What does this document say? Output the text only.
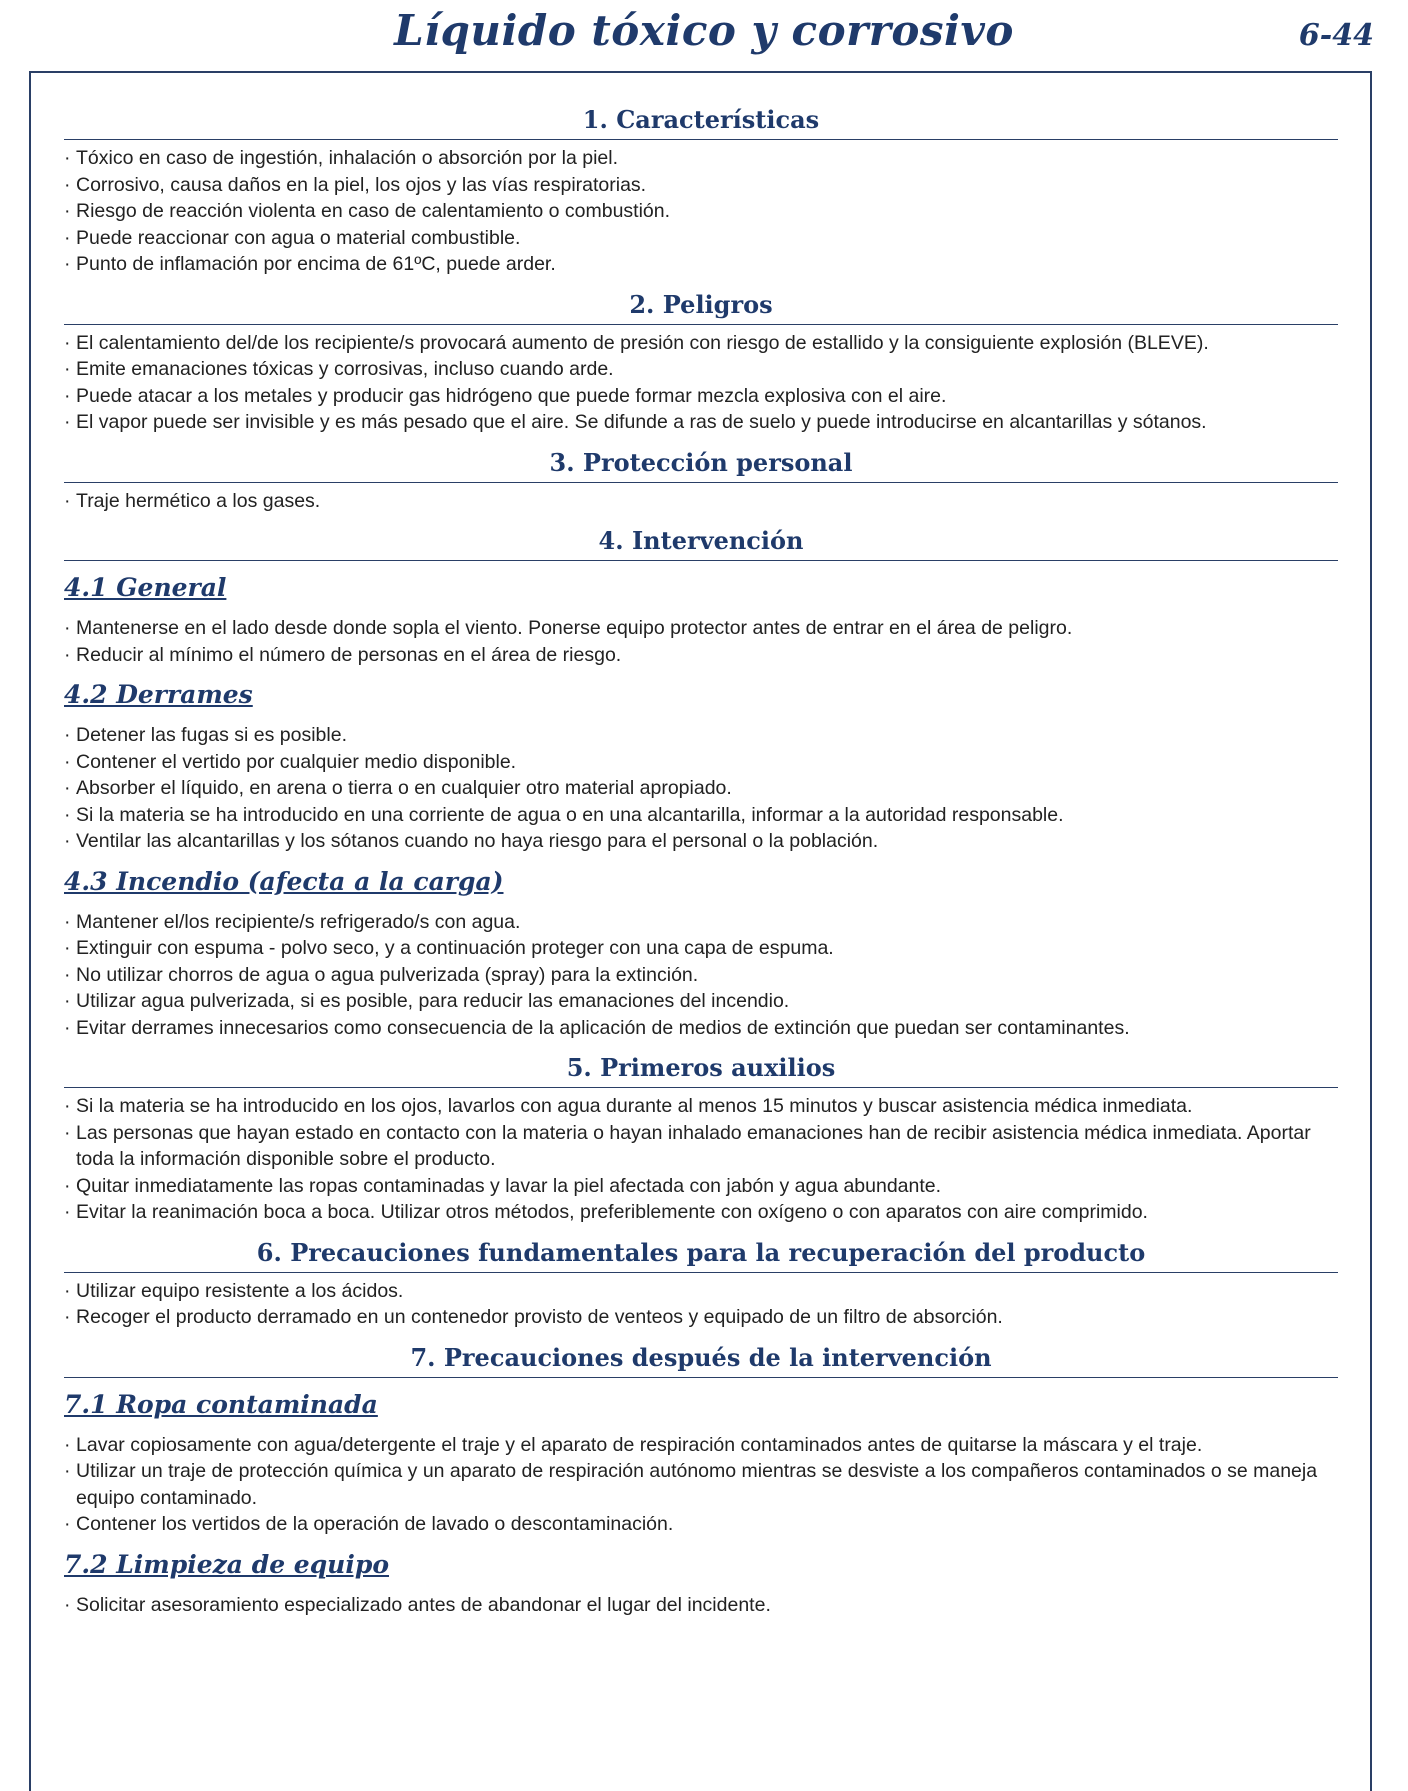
Líquido tóxico y corrosivo	6-44
1. Características
· Tóxico en caso de ingestión, inhalación o absorción por la piel.
· Corrosivo, causa daños en la piel, los ojos y las vías respiratorias.
· Riesgo de reacción violenta en caso de calentamiento o combustión.
· Puede reaccionar con agua o material combustible.
· Punto de inflamación por encima de 61ºC, puede arder.
2. Peligros
· El calentamiento del/de los recipiente/s provocará aumento de presión con riesgo de estallido y la consiguiente explosión (BLEVE).
· Emite emanaciones tóxicas y corrosivas, incluso cuando arde.
· Puede atacar a los metales y producir gas hidrógeno que puede formar mezcla explosiva con el aire.
· El vapor puede ser invisible y es más pesado que el aire. Se difunde a ras de suelo y puede introducirse en alcantarillas y sótanos.
3. Protección personal
· Traje hermético a los gases.
4. Intervención
4.1 General
· Mantenerse en el lado desde donde sopla el viento. Ponerse equipo protector antes de entrar en el área de peligro.
· Reducir al mínimo el número de personas en el área de riesgo.
4.2 Derrames
· Detener las fugas si es posible.
· Contener el vertido por cualquier medio disponible.
· Absorber el líquido, en arena o tierra o en cualquier otro material apropiado.
· Si la materia se ha introducido en una corriente de agua o en una alcantarilla, informar a la autoridad responsable.
· Ventilar las alcantarillas y los sótanos cuando no haya riesgo para el personal o la población.
4.3 Incendio (afecta a la carga)
· Mantener el/los recipiente/s refrigerado/s con agua.
· Extinguir con espuma - polvo seco, y a continuación proteger con una capa de espuma.
· No utilizar chorros de agua o agua pulverizada (spray) para la extinción.
· Utilizar agua pulverizada, si es posible, para reducir las emanaciones del incendio.
· Evitar derrames innecesarios como consecuencia de la aplicación de medios de extinción que puedan ser contaminantes.
5. Primeros auxilios
· Si la materia se ha introducido en los ojos, lavarlos con agua durante al menos 15 minutos y buscar asistencia médica inmediata.
· Las personas que hayan estado en contacto con la materia o hayan inhalado emanaciones han de recibir asistencia médica inmediata. Aportar toda la información disponible sobre el producto.
· Quitar inmediatamente las ropas contaminadas y lavar la piel afectada con jabón y agua abundante.
· Evitar la reanimación boca a boca. Utilizar otros métodos, preferiblemente con oxígeno o con aparatos con aire comprimido.
6. Precauciones fundamentales para la recuperación del producto
· Utilizar equipo resistente a los ácidos.
· Recoger el producto derramado en un contenedor provisto de venteos y equipado de un filtro de absorción.
7. Precauciones después de la intervención
7.1 Ropa contaminada
· Lavar copiosamente con agua/detergente el traje y el aparato de respiración contaminados antes de quitarse la máscara y el traje.
· Utilizar un traje de protección química y un aparato de respiración autónomo mientras se desviste a los compañeros contaminados o se maneja equipo contaminado.
· Contener los vertidos de la operación de lavado o descontaminación.
7.2 Limpieza de equipo
· Solicitar asesoramiento especializado antes de abandonar el lugar del incidente.
